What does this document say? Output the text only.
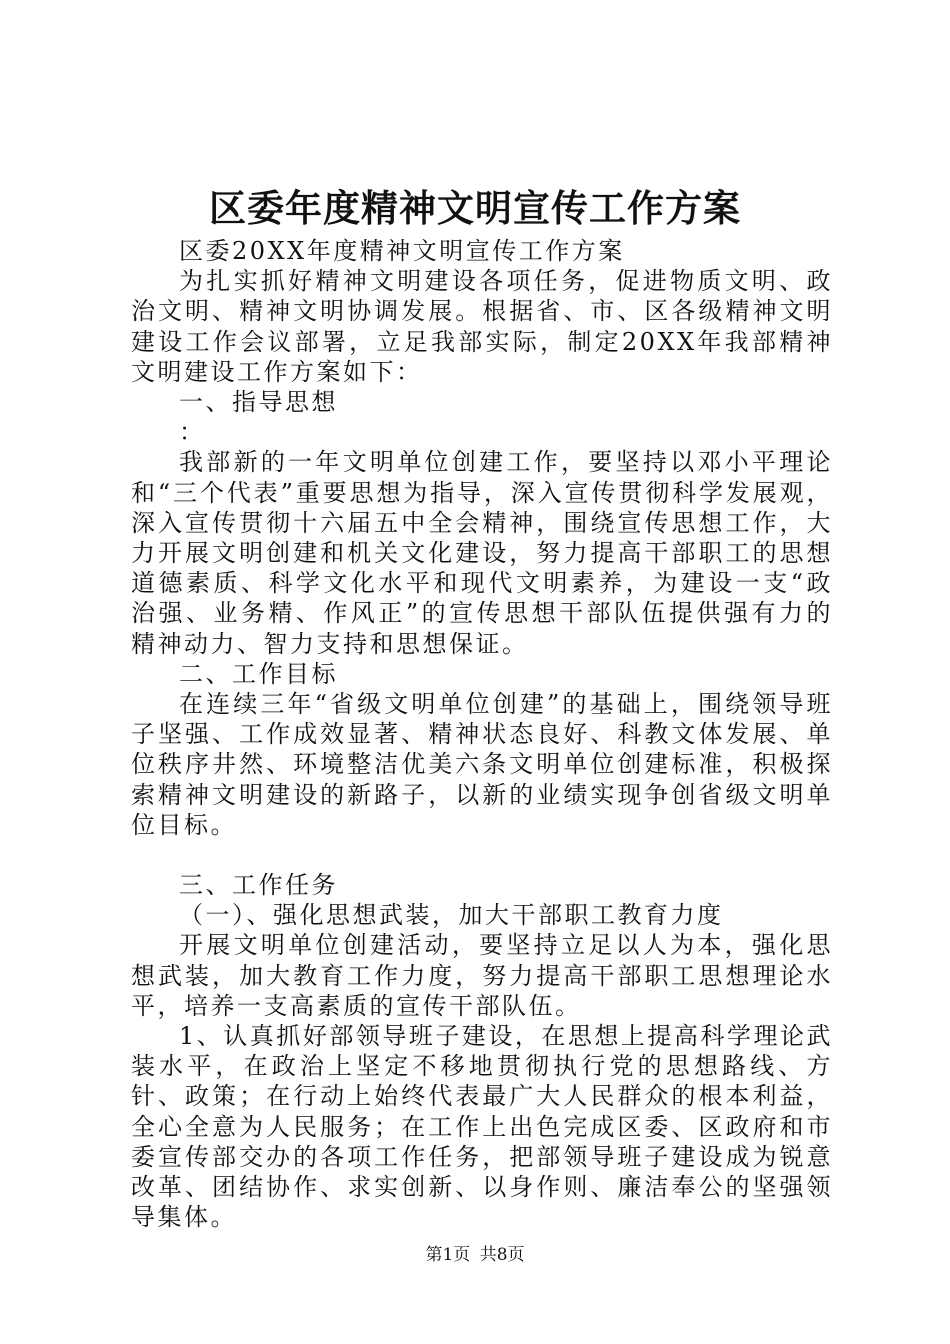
区委年度精神文明宣传工作方案

区委20XX年度精神文明宣传工作方案

为扎实抓好精神文明建设各项任务，促进物质文明、政治文明、精神文明协调发展。根据省、市、区各级精神文明建设工作会议部署，立足我部实际，制定20XX年我部精神文明建设工作方案如下：

一、指导思想

：

我部新的一年文明单位创建工作，要坚持以邓小平理论和“三个代表”重要思想为指导，深入宣传贯彻科学发展观，深入宣传贯彻十六届五中全会精神，围绕宣传思想工作，大力开展文明创建和机关文化建设，努力提高干部职工的思想道德素质、科学文化水平和现代文明素养，为建设一支“政治强、业务精、作风正”的宣传思想干部队伍提供强有力的精神动力、智力支持和思想保证。

二、工作目标

在连续三年“省级文明单位创建”的基础上，围绕领导班子坚强、工作成效显著、精神状态良好、科教文体发展、单位秩序井然、环境整洁优美六条文明单位创建标准，积极探索精神文明建设的新路子，以新的业绩实现争创省级文明单位目标。

三、工作任务

（一）、强化思想武装，加大干部职工教育力度

开展文明单位创建活动，要坚持立足以人为本，强化思想武装，加大教育工作力度，努力提高干部职工思想理论水平，培养一支高素质的宣传干部队伍。

1、认真抓好部领导班子建设，在思想上提高科学理论武装水平，在政治上坚定不移地贯彻执行党的思想路线、方针、政策；在行动上始终代表最广大人民群众的根本利益，全心全意为人民服务；在工作上出色完成区委、区政府和市委宣传部交办的各项工作任务，把部领导班子建设成为锐意改革、团结协作、求实创新、以身作则、廉洁奉公的坚强领导集体。

第1页 共8页
